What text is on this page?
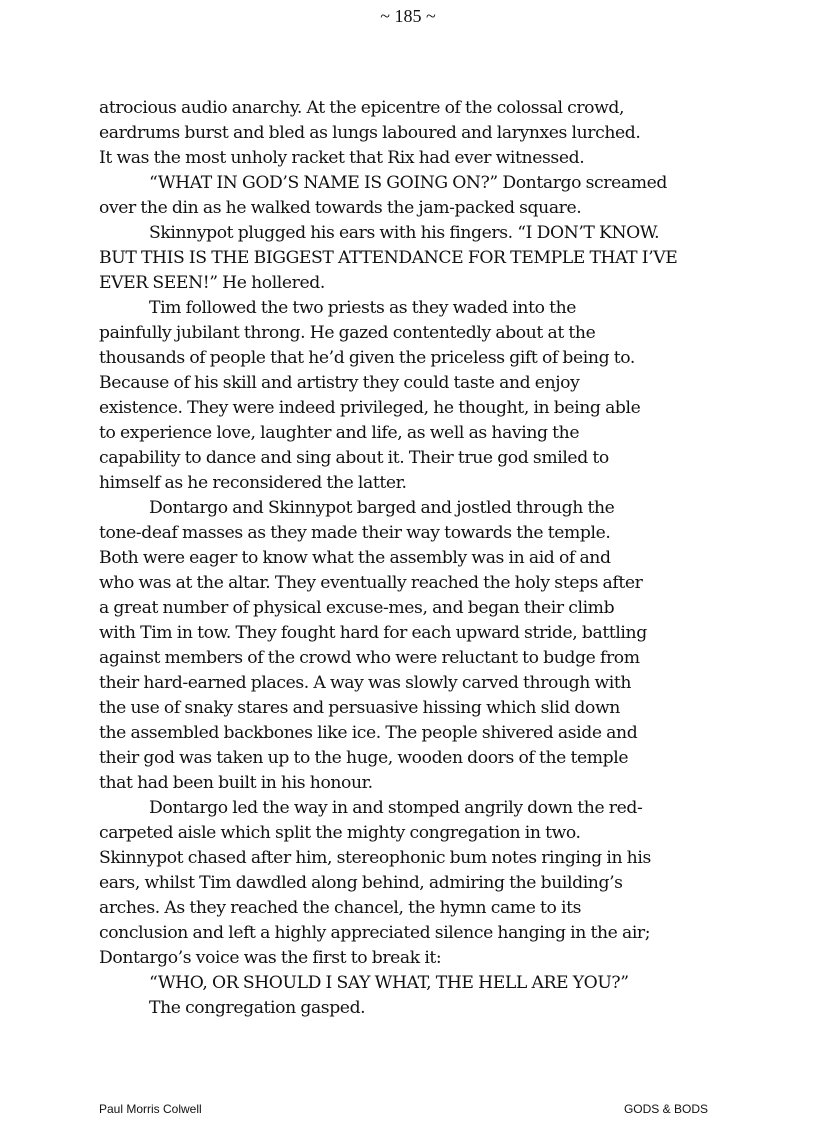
~ 185 ~
atrocious audio anarchy. At the epicentre of the colossal crowd,
eardrums burst and bled as lungs laboured and larynxes lurched.
It was the most unholy racket that Rix had ever witnessed.
“WHAT IN GOD’S NAME IS GOING ON?” Dontargo screamed
over the din as he walked towards the jam-packed square.
Skinnypot plugged his ears with his fingers. “I DON’T KNOW.
BUT THIS IS THE BIGGEST ATTENDANCE FOR TEMPLE THAT I’VE
EVER SEEN!” He hollered.
Tim followed the two priests as they waded into the
painfully jubilant throng. He gazed contentedly about at the
thousands of people that he’d given the priceless gift of being to.
Because of his skill and artistry they could taste and enjoy
existence. They were indeed privileged, he thought, in being able
to experience love, laughter and life, as well as having the
capability to dance and sing about it. Their true god smiled to
himself as he reconsidered the latter.
Dontargo and Skinnypot barged and jostled through the
tone-deaf masses as they made their way towards the temple.
Both were eager to know what the assembly was in aid of and
who was at the altar. They eventually reached the holy steps after
a great number of physical excuse-mes, and began their climb
with Tim in tow. They fought hard for each upward stride, battling
against members of the crowd who were reluctant to budge from
their hard-earned places. A way was slowly carved through with
the use of snaky stares and persuasive hissing which slid down
the assembled backbones like ice. The people shivered aside and
their god was taken up to the huge, wooden doors of the temple
that had been built in his honour.
Dontargo led the way in and stomped angrily down the red-
carpeted aisle which split the mighty congregation in two.
Skinnypot chased after him, stereophonic bum notes ringing in his
ears, whilst Tim dawdled along behind, admiring the building’s
arches. As they reached the chancel, the hymn came to its
conclusion and left a highly appreciated silence hanging in the air;
Dontargo’s voice was the first to break it:
“WHO, OR SHOULD I SAY WHAT, THE HELL ARE YOU?”
The congregation gasped.
Paul Morris Colwell	GODS & BODS
